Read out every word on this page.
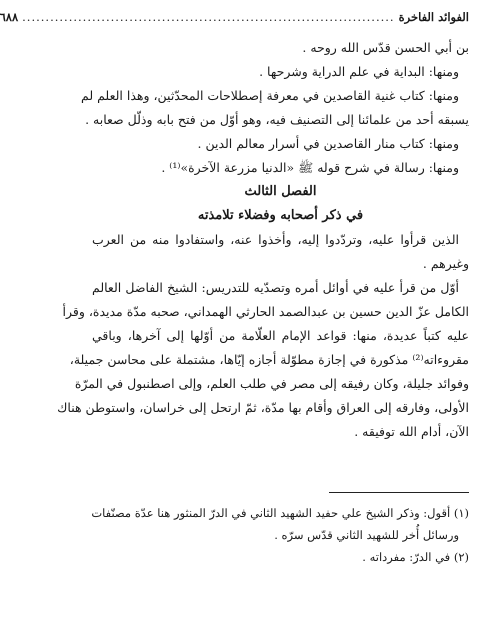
الفوائد الفاخرة
................................................................................
٦٨٨
بن أبي الحسن قدّس الله روحه .
ومنها: البداية في علم الدراية وشرحها .
ومنها: كتاب غنية القاصدين في معرفة إصطلاحات المحدّثين، وهذا العلم لم
يسبقه أحد من علمائنا إلى التصنيف فيه، وهو أوّل من فتح بابه وذلّل صعابه .
ومنها: كتاب منار القاصدين في أسرار معالم الدين .
ومنها: رسالة في شرح قوله ﷺ «الدنيا مزرعة الآخرة»⁽¹⁾ .
الفصل الثالث
في ذكر أصحابه وفضلاء تلامذته
الذين قرأوا عليه، وتردّدوا إليه، وأخذوا عنه، واستفادوا منه من العرب
وغيرهم .
أوّل من قرأ عليه في أوائل أمره وتصدّيه للتدريس: الشيخ الفاضل العالم
الكامل عزّ الدين حسين بن عبدالصمد الحارثي الهمداني، صحبه مدّة مديدة، وقرأ
عليه كتباً عديدة، منها: قواعد الإمام العلّامة من أوّلها إلى آخرها، وباقي
مقروءاته⁽²⁾ مذكورة في إجازة مطوّلة أجازه إيّاها، مشتملة على محاسن جميلة،
وفوائد جليلة، وكان رفيقه إلى مصر في طلب العلم، وإلى اصطنبول في المرّة
الأولى، وفارقه إلى العراق وأقام بها مدّة، ثمّ ارتحل إلى خراسان، واستوطن هناك
الآن، أدام الله توفيقه .
(١) أقول: وذكر الشيخ علي حفيد الشهيد الثاني في الدرّ المنثور هنا عدّة مصنّفات
ورسائل أُخر للشهيد الثاني قدّس سرّه .
(٢) في الدرّ: مفرداته .
